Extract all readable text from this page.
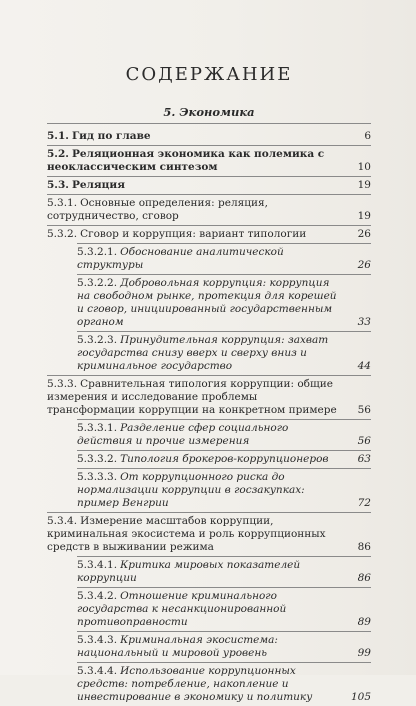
СОДЕРЖАНИЕ
5. Экономика
5.1. Гид по главе	6
5.2. Реляционная экономика как полемика с неоклассическим синтезом	10
5.3. Реляция	19
5.3.1. Основные определения: реляция, сотрудничество, сговор	19
5.3.2. Сговор и коррупция: вариант типологии	26
5.3.2.1. Обоснование аналитической структуры	26
5.3.2.2. Добровольная коррупция: коррупция на свободном рынке, протекция для корешей и сговор, инициированный государственным органом	33
5.3.2.3. Принудительная коррупция: захват государства снизу вверх и сверху вниз и криминальное государство	44
5.3.3. Сравнительная типология коррупции: общие измерения и исследование проблемы трансформации коррупции на конкретном примере 56
5.3.3.1. Разделение сфер социального действия и прочие измерения	56
5.3.3.2. Типология брокеров-коррупционеров	63
5.3.3.3. От коррупционного риска до нормализации коррупции в госзакупках: пример Венгрии	72
5.3.4. Измерение масштабов коррупции, криминальная экосистема и роль коррупционных средств в выживании режима	86
5.3.4.1. Критика мировых показателей коррупции	86
5.3.4.2. Отношение криминального государства к несанкционированной противоправности	89
5.3.4.3. Криминальная экосистема: национальный и мировой уровень	99
5.3.4.4. Использование коррупционных средств: потребление, накопление и инвестирование в экономику и политику	105
